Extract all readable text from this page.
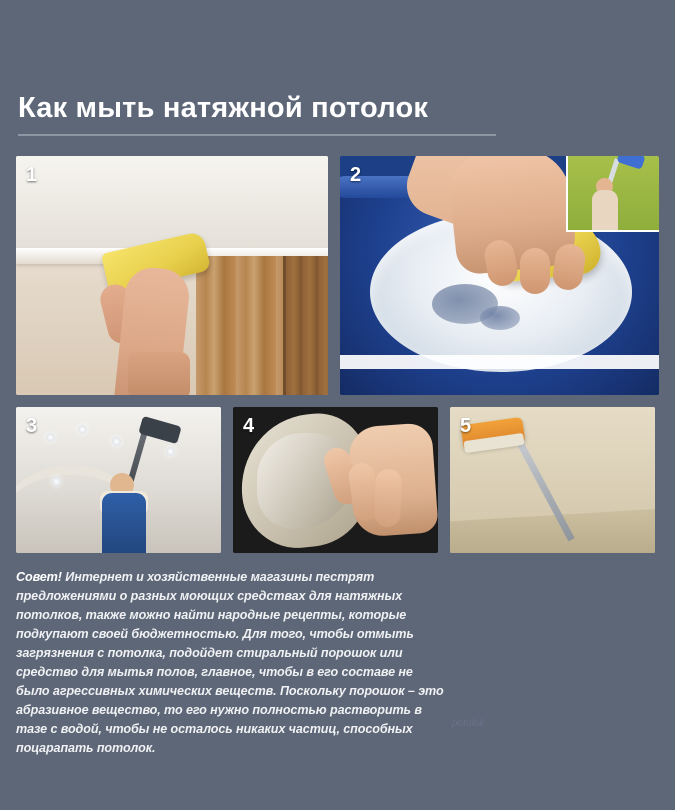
Как мыть натяжной потолок
1	2
3	4	5
Совет! Интернет и хозяйственные магазины пестрят предложениями о разных моющих средствах для натяжных потолков, также можно найти народные рецепты, которые подкупают своей бюджетностью. Для того, чтобы отмыть загрязнения с потолка, подойдет стиральный порошок или средство для мытья полов, главное, чтобы в его составе не было агрессивных химических веществ. Поскольку порошок – это абразивное вещество, то его нужно полностью растворить в тазе с водой, чтобы не осталось никаких частиц, способных поцарапать потолок.
potolok
